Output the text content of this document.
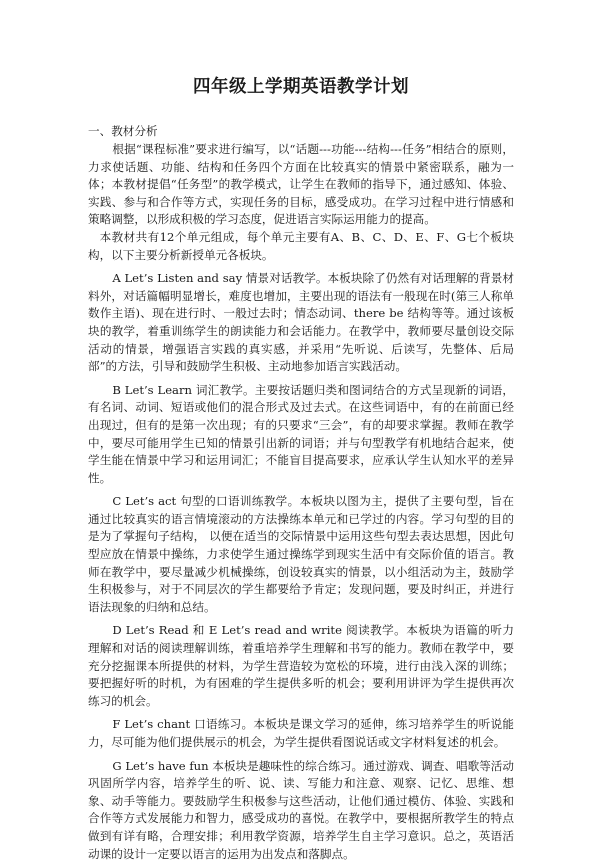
四年级上学期英语教学计划

一、教材分析

根据“课程标准”要求进行编写，以“话题---功能---结构---任务”相结合的原则，力求使话题、功能、结构和任务四个方面在比较真实的情景中紧密联系，融为一体；本教材提倡“任务型”的教学模式，让学生在教师的指导下，通过感知、体验、实践、参与和合作等方式，实现任务的目标，感受成功。在学习过程中进行情感和策略调整，以形成积极的学习态度，促进语言实际运用能力的提高。

本教材共有12个单元组成，每个单元主要有A、B、C、D、E、F、G七个板块构，以下主要分析新授单元各板块。

A Let’s Listen and say 情景对话教学。本板块除了仍然有对话理解的背景材料外，对话篇幅明显增长，难度也增加，主要出现的语法有一般现在时(第三人称单数作主语)、现在进行时、一般过去时；情态动词、there be 结构等等。通过该板块的教学，着重训练学生的朗读能力和会话能力。在教学中，教师要尽量创设交际活动的情景，增强语言实践的真实感，并采用“先听说、后读写，先整体、后局部”的方法，引导和鼓励学生积极、主动地参加语言实践活动。

B Let’s Learn 词汇教学。主要按话题归类和图词结合的方式呈现新的词语，有名词、动词、短语或他们的混合形式及过去式。在这些词语中，有的在前面已经出现过，但有的是第一次出现；有的只要求“三会”，有的却要求掌握。教师在教学中，要尽可能用学生已知的情景引出新的词语；并与句型教学有机地结合起来，使学生能在情景中学习和运用词汇；不能盲目提高要求，应承认学生认知水平的差异性。

C Let’s act 句型的口语训练教学。本板块以图为主，提供了主要句型，旨在通过比较真实的语言情境滚动的方法操练本单元和已学过的内容。学习句型的目的是为了掌握句子结构， 以便在适当的交际情景中运用这些句型去表达思想，因此句型应放在情景中操练，力求使学生通过操练学到现实生活中有交际价值的语言。教师在教学中，要尽量减少机械操练，创设较真实的情景，以小组活动为主，鼓励学生积极参与，对于不同层次的学生都要给予肯定；发现问题，要及时纠正，并进行语法现象的归纳和总结。

D Let’s Read 和 E Let’s read and write 阅读教学。本板块为语篇的听力理解和对话的阅读理解训练，着重培养学生理解和书写的能力。教师在教学中，要充分挖掘课本所提供的材料，为学生营造较为宽松的环境，进行由浅入深的训练；要把握好听的时机，为有困难的学生提供多听的机会；要利用讲评为学生提供再次练习的机会。

F Let’s chant 口语练习。本板块是课文学习的延伸，练习培养学生的听说能力，尽可能为他们提供展示的机会，为学生提供看图说话或文字材料复述的机会。

G Let’s have fun 本板块是趣味性的综合练习。通过游戏、调查、唱歌等活动巩固所学内容，培养学生的听、说、读、写能力和注意、观察、记忆、思维、想象、动手等能力。要鼓励学生积极参与这些活动，让他们通过模仿、体验、实践和合作等方式发展能力和智力，感受成功的喜悦。在教学中，要根据所教学生的特点做到有详有略，合理安排；利用教学资源，培养学生自主学习意识。总之，英语活动课的设计一定要以语言的运用为出发点和落脚点。
